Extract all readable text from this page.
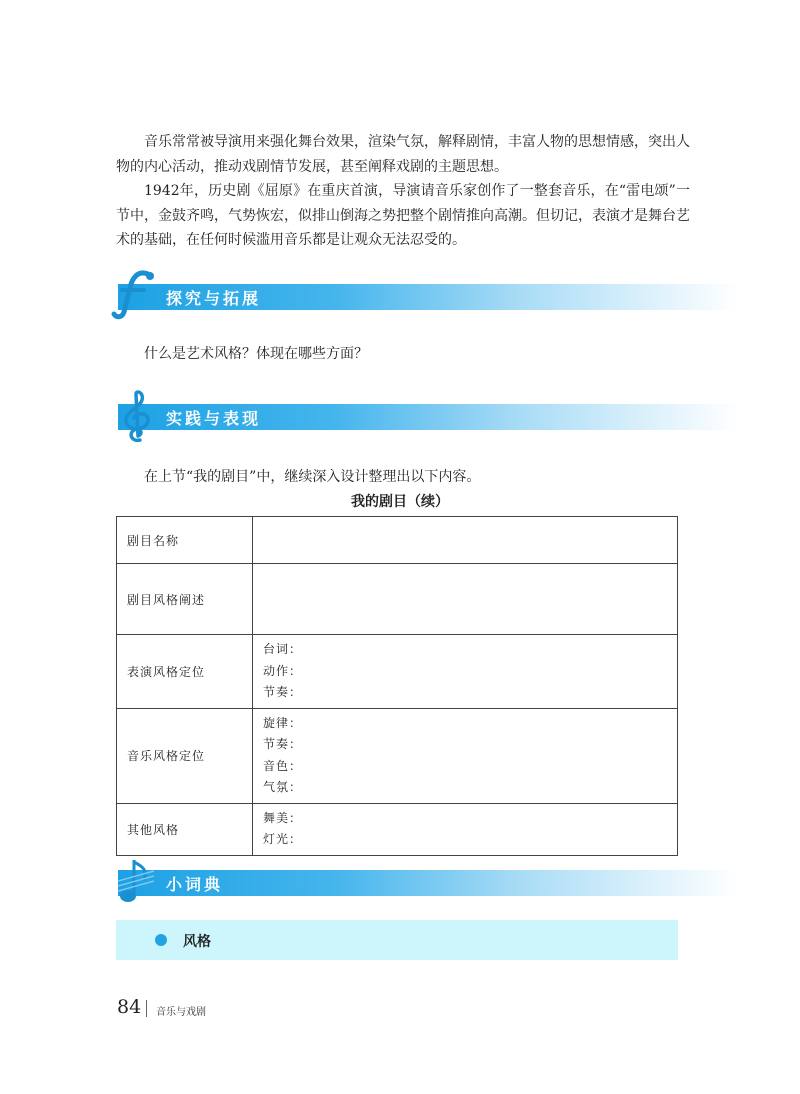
音乐常常被导演用来强化舞台效果，渲染气氛，解释剧情，丰富人物的思想情感，突出人物的内心活动，推动戏剧情节发展，甚至阐释戏剧的主题思想。

1942年，历史剧《屈原》在重庆首演，导演请音乐家创作了一整套音乐，在“雷电颂”一节中，金鼓齐鸣，气势恢宏，似排山倒海之势把整个剧情推向高潮。但切记，表演才是舞台艺术的基础，在任何时候滥用音乐都是让观众无法忍受的。

探究与拓展

什么是艺术风格？体现在哪些方面？

实践与表现

在上节“我的剧目”中，继续深入设计整理出以下内容。

我的剧目（续）
剧目名称	
剧目风格阐述	
表演风格定位	台词：
动作：
节奏：

音乐风格定位	旋律：
节奏：
音色：
气氛：

其他风格	舞美：
灯光：
小词典
风格
84 音乐与戏剧
